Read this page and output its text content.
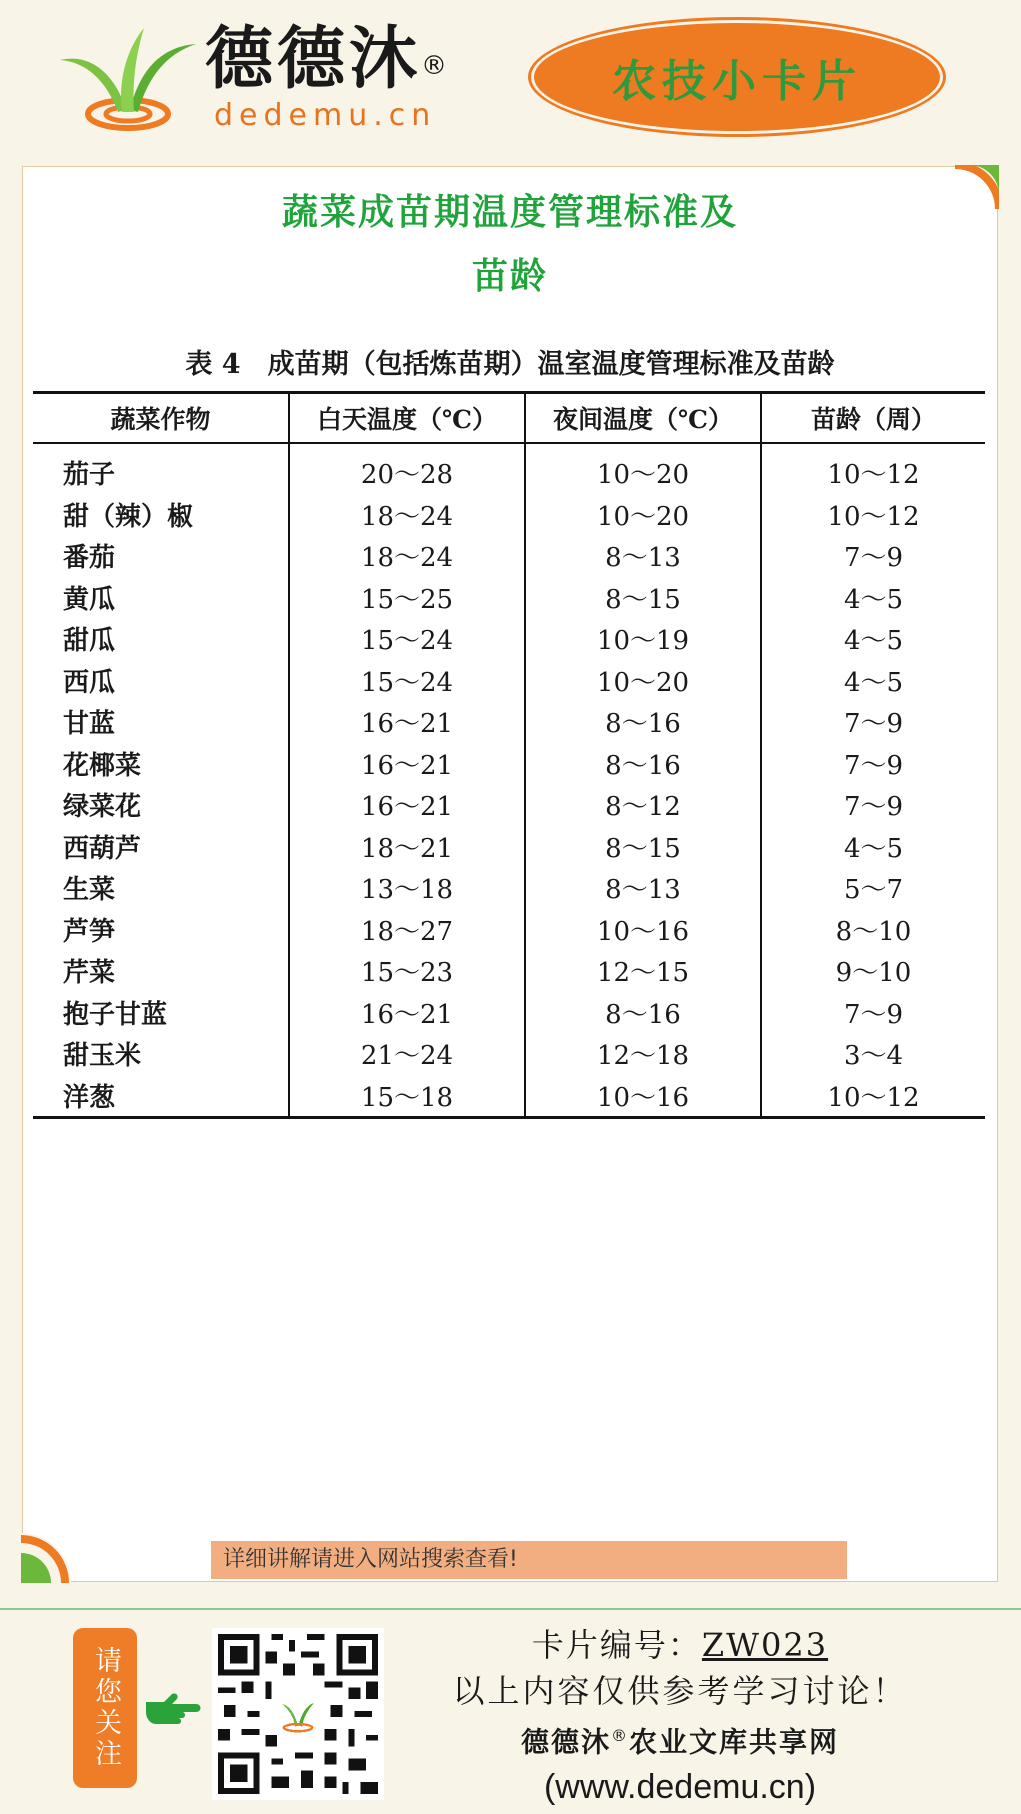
德德沐®
dedemu.cn
农技小卡片
蔬菜成苗期温度管理标准及
苗龄
表 4　成苗期（包括炼苗期）温室温度管理标准及苗龄
蔬菜作物	白天温度（℃）	夜间温度（℃）	苗龄（周）
茄子	20～28	10～20	10～12
甜（辣）椒	18～24	10～20	10～12
番茄	18～24	8～13	7～9
黄瓜	15～25	8～15	4～5
甜瓜	15～24	10～19	4～5
西瓜	15～24	10～20	4～5
甘蓝	16～21	8～16	7～9
花椰菜	16～21	8～16	7～9
绿菜花	16～21	8～12	7～9
西葫芦	18～21	8～15	4～5
生菜	13～18	8～13	5～7
芦笋	18～27	10～16	8～10
芹菜	15～23	12～15	9～10
抱子甘蓝	16～21	8～16	7～9
甜玉米	21～24	12～18	3～4
洋葱	15～18	10～16	10～12
详细讲解请进入网站搜索查看!
请您关注
卡片编号：ZW023
以上内容仅供参考学习讨论！
德德沐®农业文库共享网
(www.dedemu.cn)
